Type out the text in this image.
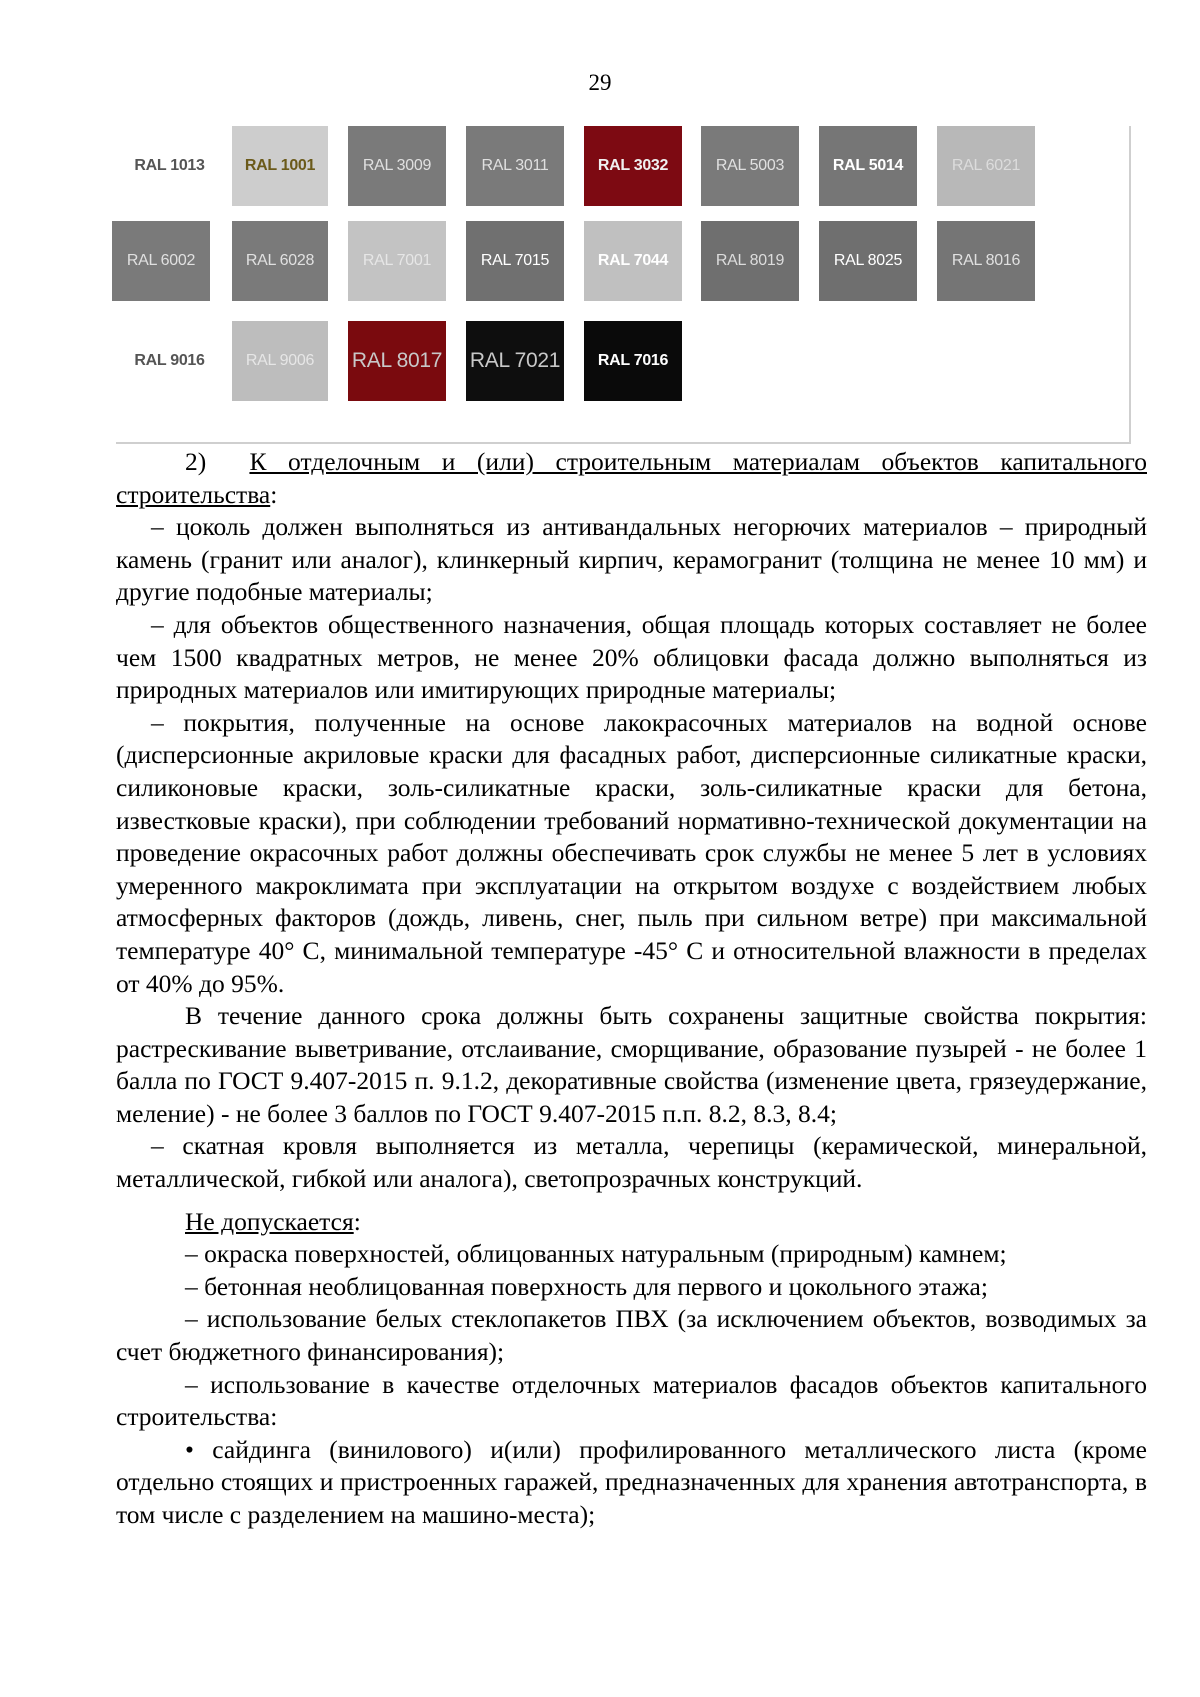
29
RAL 1013	RAL 1001	RAL 3009	RAL 3011	RAL 3032	RAL 5003	RAL 5014	RAL 6021
RAL 6002	RAL 6028	RAL 7001	RAL 7015	RAL 7044	RAL 8019	RAL 8025	RAL 8016
RAL 9016	RAL 9006	RAL 8017 RAL 7021	RAL 7016

2) К отделочным и (или) строительным материалам объектов капитального строительства:

– цоколь должен выполняться из антивандальных негорючих материалов – природный камень (гранит или аналог), клинкерный кирпич, керамогранит (толщина не менее 10 мм) и другие подобные материалы;

– для объектов общественного назначения, общая площадь которых составляет не более чем 1500 квадратных метров, не менее 20% облицовки фасада должно выполняться из природных материалов или имитирующих природные материалы;

– покрытия, полученные на основе лакокрасочных материалов на водной основе (дисперсионные акриловые краски для фасадных работ, дисперсионные силикатные краски, силиконовые краски, золь-силикатные краски, золь-силикатные краски для бетона, известковые краски), при соблюдении требований нормативно-технической документации на проведение окрасочных работ должны обеспечивать срок службы не менее 5 лет в условиях умеренного макроклимата при эксплуатации на открытом воздухе с воздействием любых атмосферных факторов (дождь, ливень, снег, пыль при сильном ветре) при максимальной температуре 40° С, минимальной температуре -45° С и относительной влажности в пределах от 40% до 95%.

В течение данного срока должны быть сохранены защитные свойства покрытия: растрескивание выветривание, отслаивание, сморщивание, образование пузырей - не более 1 балла по ГОСТ 9.407-2015 п. 9.1.2, декоративные свойства (изменение цвета, грязеудержание, меление) - не более 3 баллов по ГОСТ 9.407-2015 п.п. 8.2, 8.3, 8.4;

– скатная кровля выполняется из металла, черепицы (керамической, минеральной, металлической, гибкой или аналога), светопрозрачных конструкций.

Не допускается:

– окраска поверхностей, облицованных натуральным (природным) камнем;

– бетонная необлицованная поверхность для первого и цокольного этажа;

– использование белых стеклопакетов ПВХ (за исключением объектов, возводимых за счет бюджетного финансирования);

– использование в качестве отделочных материалов фасадов объектов капитального строительства:

• сайдинга (винилового) и(или) профилированного металлического листа (кроме отдельно стоящих и пристроенных гаражей, предназначенных для хранения автотранспорта, в том числе с разделением на машино-места);
